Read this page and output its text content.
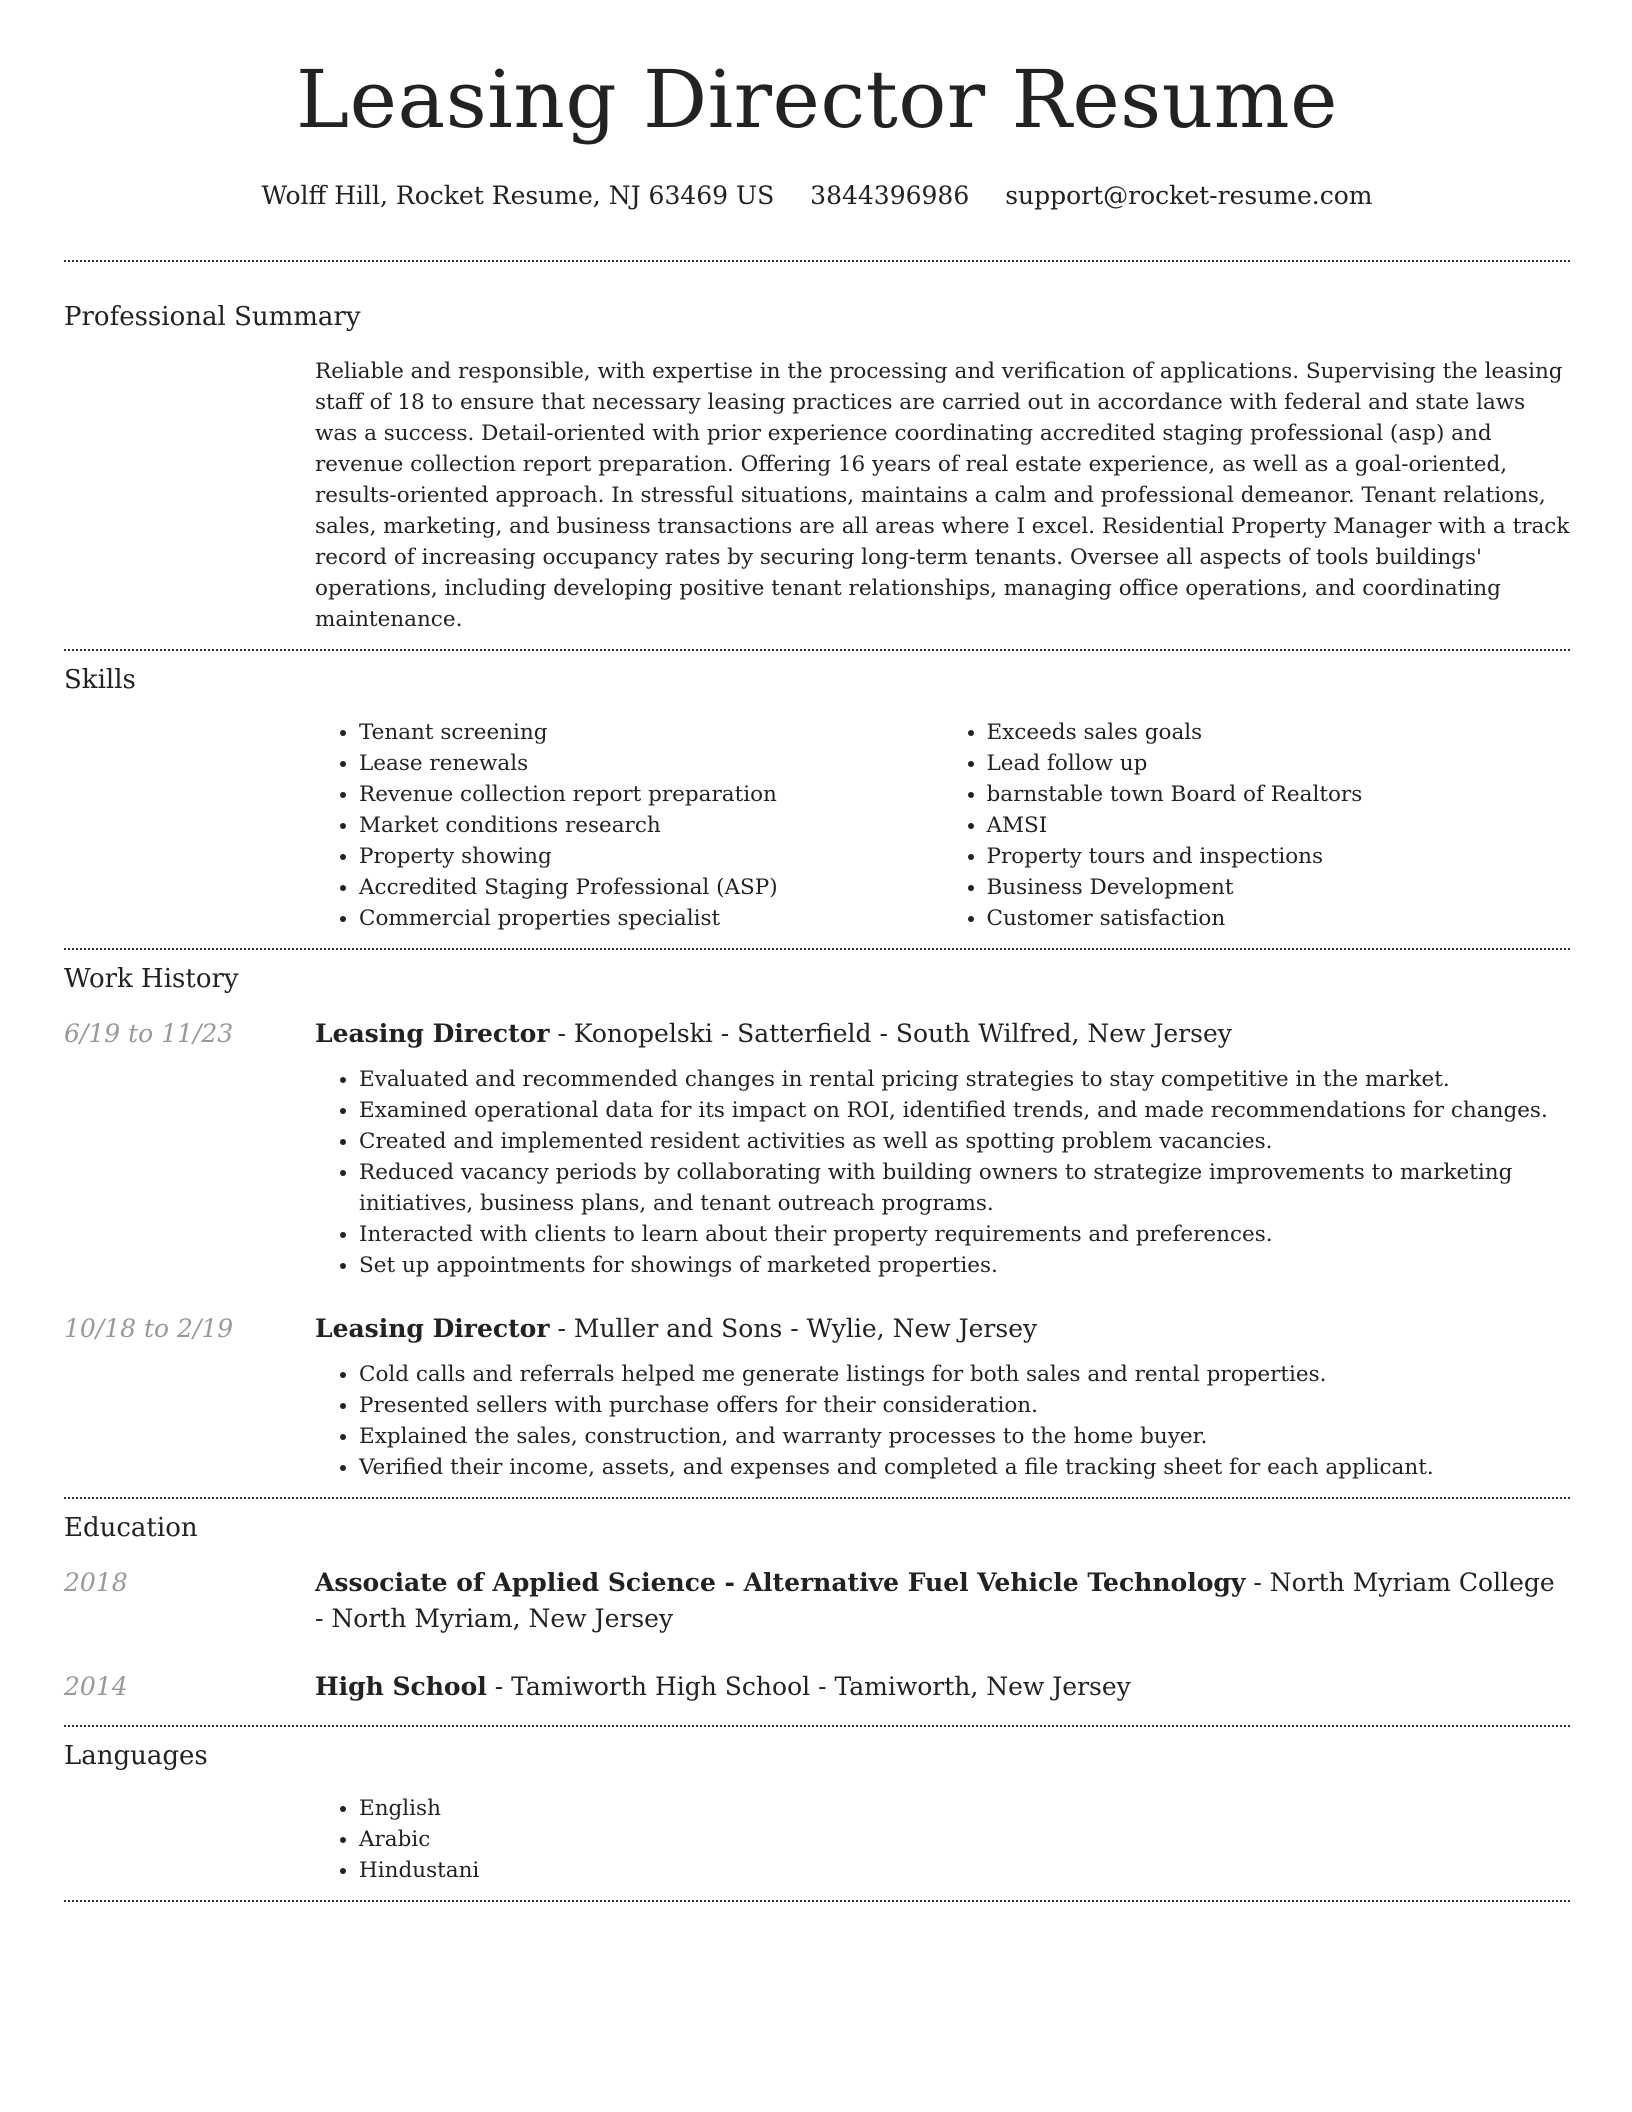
Leasing Director Resume
Wolff Hill, Rocket Resume, NJ 63469 US 3844396986 support@rocket-resume.com
Professional Summary
Reliable and responsible, with expertise in the processing and verification of applications. Supervising the leasing staff of 18 to ensure that necessary leasing practices are carried out in accordance with federal and state laws was a success. Detail-oriented with prior experience coordinating accredited staging professional (asp) and revenue collection report preparation. Offering 16 years of real estate experience, as well as a goal-oriented, results-oriented approach. In stressful situations, maintains a calm and professional demeanor. Tenant relations, sales, marketing, and business transactions are all areas where I excel. Residential Property Manager with a track record of increasing occupancy rates by securing long-term tenants. Oversee all aspects of tools buildings' operations, including developing positive tenant relationships, managing office operations, and coordinating maintenance.
Skills
• Tenant screening
• Lease renewals
• Revenue collection report preparation
• Market conditions research
• Property showing
• Accredited Staging Professional (ASP)
• Commercial properties specialist
• Exceeds sales goals
• Lead follow up
• barnstable town Board of Realtors
• AMSI
• Property tours and inspections
• Business Development
• Customer satisfaction
Work History
6/19 to 11/23	Leasing Director - Konopelski - Satterfield - South Wilfred, New Jersey
• Evaluated and recommended changes in rental pricing strategies to stay competitive in the market.
• Examined operational data for its impact on ROI, identified trends, and made recommendations for changes.
• Created and implemented resident activities as well as spotting problem vacancies.
• Reduced vacancy periods by collaborating with building owners to strategize improvements to marketing initiatives, business plans, and tenant outreach programs.
• Interacted with clients to learn about their property requirements and preferences.
• Set up appointments for showings of marketed properties.
10/18 to 2/19	Leasing Director - Muller and Sons - Wylie, New Jersey
• Cold calls and referrals helped me generate listings for both sales and rental properties.
• Presented sellers with purchase offers for their consideration.
• Explained the sales, construction, and warranty processes to the home buyer.
• Verified their income, assets, and expenses and completed a file tracking sheet for each applicant.
Education
2018	Associate of Applied Science - Alternative Fuel Vehicle Technology - North Myriam College - North Myriam, New Jersey
2014	High School - Tamiworth High School - Tamiworth, New Jersey
Languages
• English
• Arabic
• Hindustani
